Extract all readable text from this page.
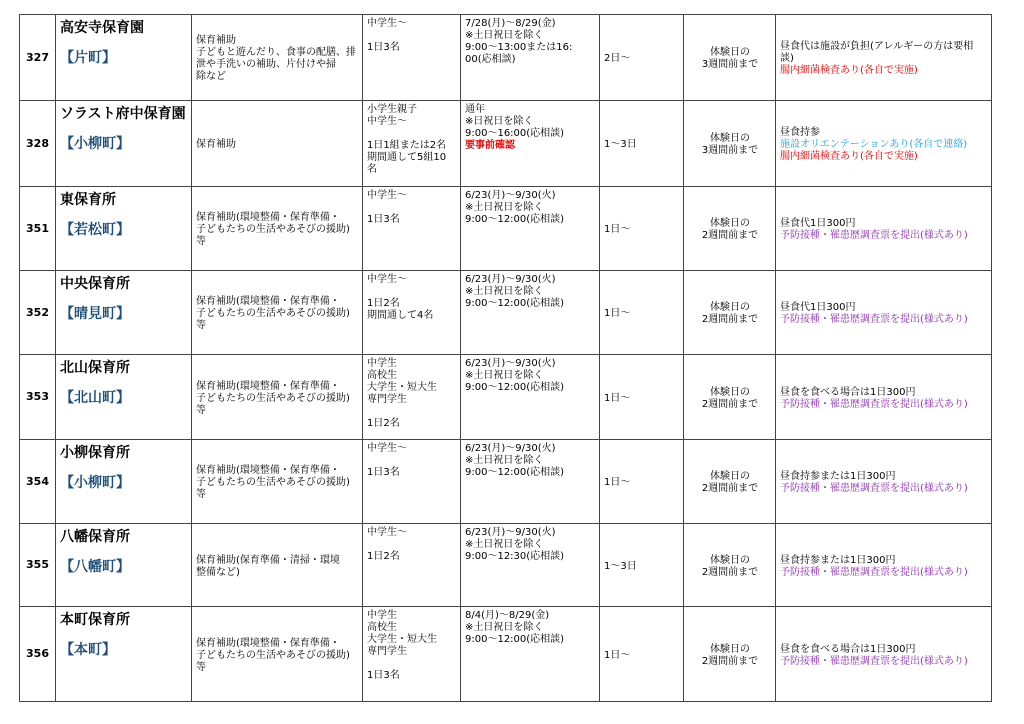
327	高安寺保育園
【片町】	保育補助
子どもと遊んだり、食事の配膳、排
泄や手洗いの補助、片付けや掃
除など	中学生～
1日3名	7/28(月)～8/29(金)
※土日祝日を除く
9:00～13:00または16:
00(応相談)	2日～	体験日の
3週間前まで	昼食代は施設が負担(アレルギーの方は要相
談)
腸内細菌検査あり(各自で実施)

328	ソラスト府中保育園
【小柳町】	保育補助	小学生親子
中学生～
1日1組または2名
期間通して5組10
名	通年
※日祝日を除く
9:00～16:00(応相談)
要事前確認	1～3日	体験日の
3週間前まで	昼食持参
施設オリエンテーションあり(各自で連絡)
腸内細菌検査あり(各自で実施)

351	東保育所
【若松町】	保育補助(環境整備・保育準備・
子どもたちの生活やあそびの援助)
等	中学生～
1日3名	6/23(月)～9/30(火)
※土日祝日を除く
9:00～12:00(応相談)	1日～	体験日の
2週間前まで	昼食代1日300円
予防接種・罹患歴調査票を提出(様式あり)

352	中央保育所
【晴見町】	保育補助(環境整備・保育準備・
子どもたちの生活やあそびの援助)
等	中学生～
1日2名
期間通して4名	6/23(月)～9/30(火)
※土日祝日を除く
9:00～12:00(応相談)	1日～	体験日の
2週間前まで	昼食代1日300円
予防接種・罹患歴調査票を提出(様式あり)

353	北山保育所
【北山町】	保育補助(環境整備・保育準備・
子どもたちの生活やあそびの援助)
等	中学生
高校生
大学生・短大生
専門学生
1日2名	6/23(月)～9/30(火)
※土日祝日を除く
9:00～12:00(応相談)	1日～	体験日の
2週間前まで	昼食を食べる場合は1日300円
予防接種・罹患歴調査票を提出(様式あり)

354	小柳保育所
【小柳町】	保育補助(環境整備・保育準備・
子どもたちの生活やあそびの援助)
等	中学生～
1日3名	6/23(月)～9/30(火)
※土日祝日を除く
9:00～12:00(応相談)	1日～	体験日の
2週間前まで	昼食持参または1日300円
予防接種・罹患歴調査票を提出(様式あり)

355	八幡保育所
【八幡町】	保育補助(保育準備・清掃・環境
整備など)	中学生～
1日2名	6/23(月)～9/30(火)
※土日祝日を除く
9:00～12:30(応相談)	1～3日	体験日の
2週間前まで	昼食持参または1日300円
予防接種・罹患歴調査票を提出(様式あり)

356	本町保育所
【本町】	保育補助(環境整備・保育準備・
子どもたちの生活やあそびの援助)
等	中学生
高校生
大学生・短大生
専門学生
1日3名	8/4(月)～8/29(金)
※土日祝日を除く
9:00～12:00(応相談)	1日～	体験日の
2週間前まで	昼食を食べる場合は1日300円
予防接種・罹患歴調査票を提出(様式あり)
